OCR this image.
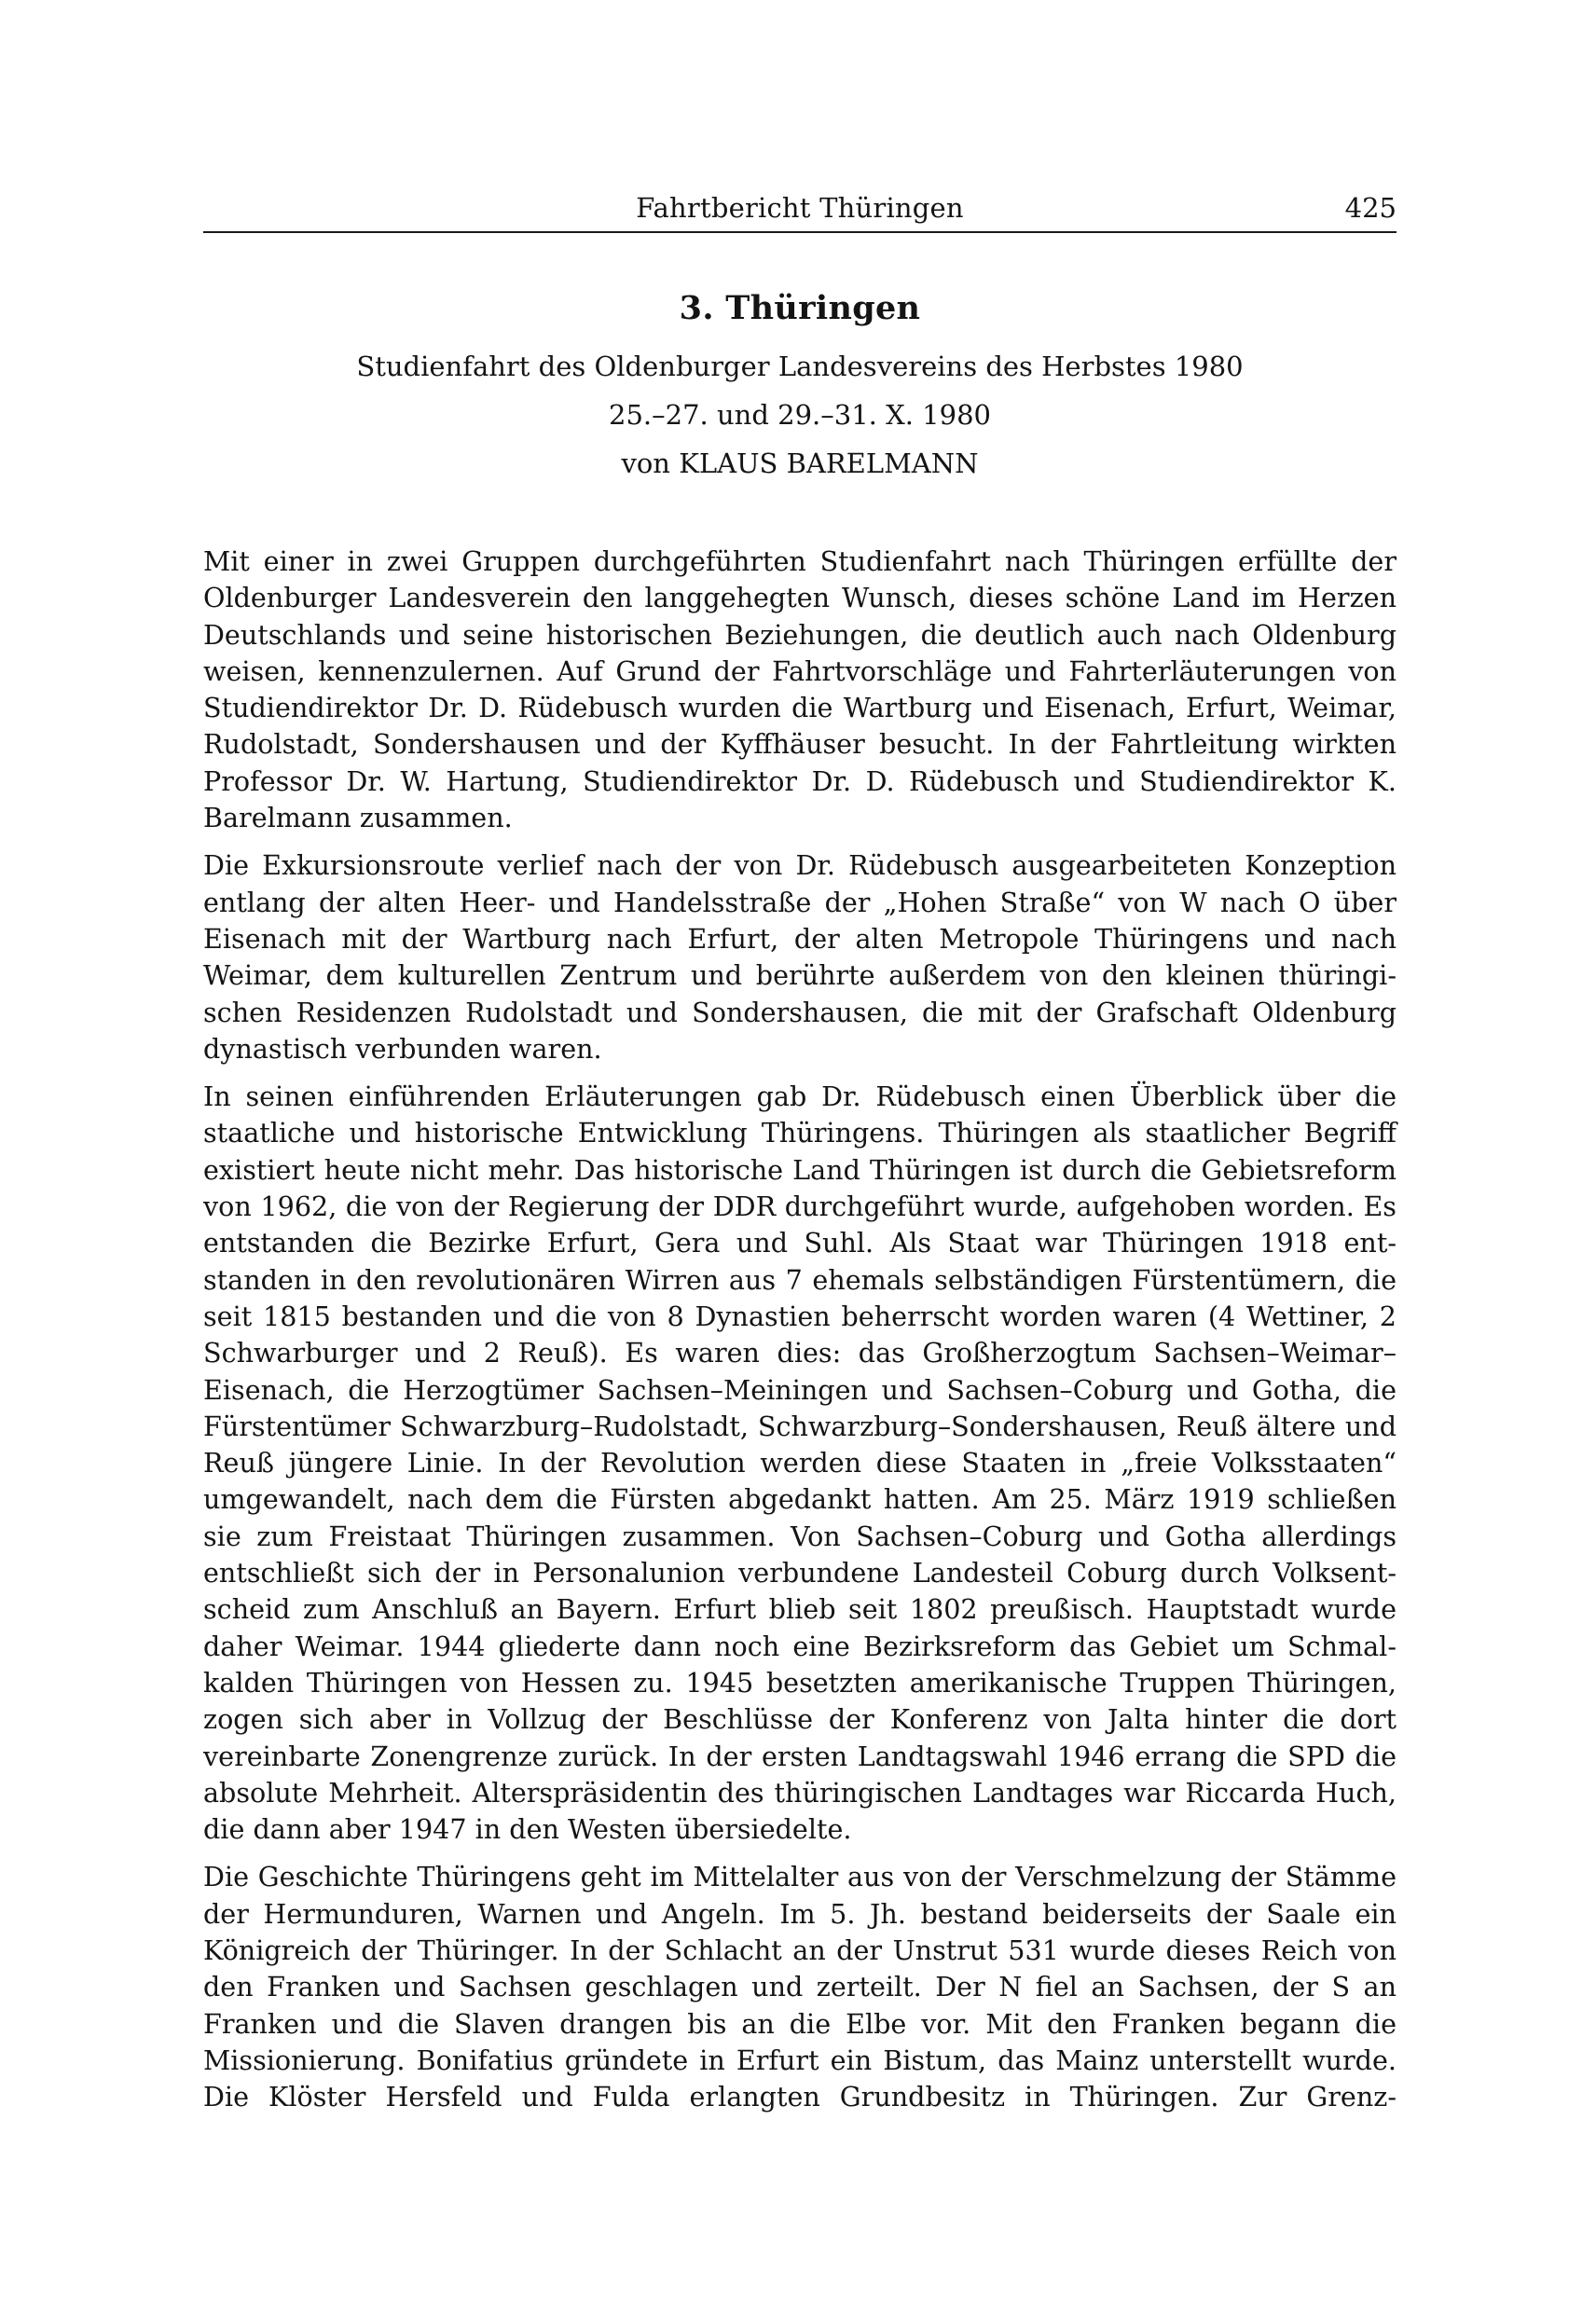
Fahrtbericht Thüringen	425
3. Thüringen
Studienfahrt des Oldenburger Landesvereins des Herbstes 1980
25.–27. und 29.–31. X. 1980
von KLAUS BARELMANN

Mit einer in zwei Gruppen durchgeführten Studienfahrt nach Thüringen erfüllte der Oldenburger Landesverein den langgehegten Wunsch, dieses schöne Land im Herzen Deutschlands und seine historischen Beziehungen, die deutlich auch nach Oldenburg weisen, kennenzulernen. Auf Grund der Fahrtvorschläge und Fahrterläuterungen von Studiendirektor Dr. D. Rüdebusch wurden die Wartburg und Eisenach, Erfurt, Weimar, Rudolstadt, Sondershausen und der Kyffhäuser besucht. In der Fahrtleitung wirkten Professor Dr. W. Hartung, Studiendirektor Dr. D. Rüdebusch und Studiendirektor K. Barelmann zusammen.

Die Exkursionsroute verlief nach der von Dr. Rüdebusch ausgearbeiteten Konzeption entlang der alten Heer- und Handelsstraße der „Hohen Straße“ von W nach O über Eisenach mit der Wartburg nach Erfurt, der alten Metropole Thüringens und nach Weimar, dem kulturellen Zentrum und berührte außerdem von den kleinen thüringischen Residenzen Rudolstadt und Sondershausen, die mit der Grafschaft Oldenburg dynastisch verbunden waren.

In seinen einführenden Erläuterungen gab Dr. Rüdebusch einen Überblick über die staatliche und historische Entwicklung Thüringens. Thüringen als staatlicher Begriff existiert heute nicht mehr. Das historische Land Thüringen ist durch die Gebietsreform von 1962, die von der Regierung der DDR durchgeführt wurde, aufgehoben worden. Es entstanden die Bezirke Erfurt, Gera und Suhl. Als Staat war Thüringen 1918 entstanden in den revolutionären Wirren aus 7 ehemals selbständigen Fürstentümern, die seit 1815 bestanden und die von 8 Dynastien beherrscht worden waren (4 Wettiner, 2 Schwarburger und 2 Reuß). Es waren dies: das Großherzogtum Sachsen–Weimar–Eisenach, die Herzogtümer Sachsen–Meiningen und Sachsen–Coburg und Gotha, die Fürstentümer Schwarzburg–Rudolstadt, Schwarzburg–Sondershausen, Reuß ältere und Reuß jüngere Linie. In der Revolution werden diese Staaten in „freie Volksstaaten“ umgewandelt, nach dem die Fürsten abgedankt hatten. Am 25. März 1919 schließen sie zum Freistaat Thüringen zusammen. Von Sachsen–Coburg und Gotha allerdings entschließt sich der in Personalunion verbundene Landesteil Coburg durch Volksentscheid zum Anschluß an Bayern. Erfurt blieb seit 1802 preußisch. Hauptstadt wurde daher Weimar. 1944 gliederte dann noch eine Bezirksreform das Gebiet um Schmalkalden Thüringen von Hessen zu. 1945 besetzten amerikanische Truppen Thüringen, zogen sich aber in Vollzug der Beschlüsse der Konferenz von Jalta hinter die dort vereinbarte Zonengrenze zurück. In der ersten Landtagswahl 1946 errang die SPD die absolute Mehrheit. Alterspräsidentin des thüringischen Landtages war Riccarda Huch, die dann aber 1947 in den Westen übersiedelte.

Die Geschichte Thüringens geht im Mittelalter aus von der Verschmelzung der Stämme der Hermunduren, Warnen und Angeln. Im 5. Jh. bestand beiderseits der Saale ein Königreich der Thüringer. In der Schlacht an der Unstrut 531 wurde dieses Reich von den Franken und Sachsen geschlagen und zerteilt. Der N fiel an Sachsen, der S an Franken und die Slaven drangen bis an die Elbe vor. Mit den Franken begann die Missionierung. Bonifatius gründete in Erfurt ein Bistum, das Mainz unterstellt wurde. Die Klöster Hersfeld und Fulda erlangten Grundbesitz in Thüringen. Zur Grenz-
